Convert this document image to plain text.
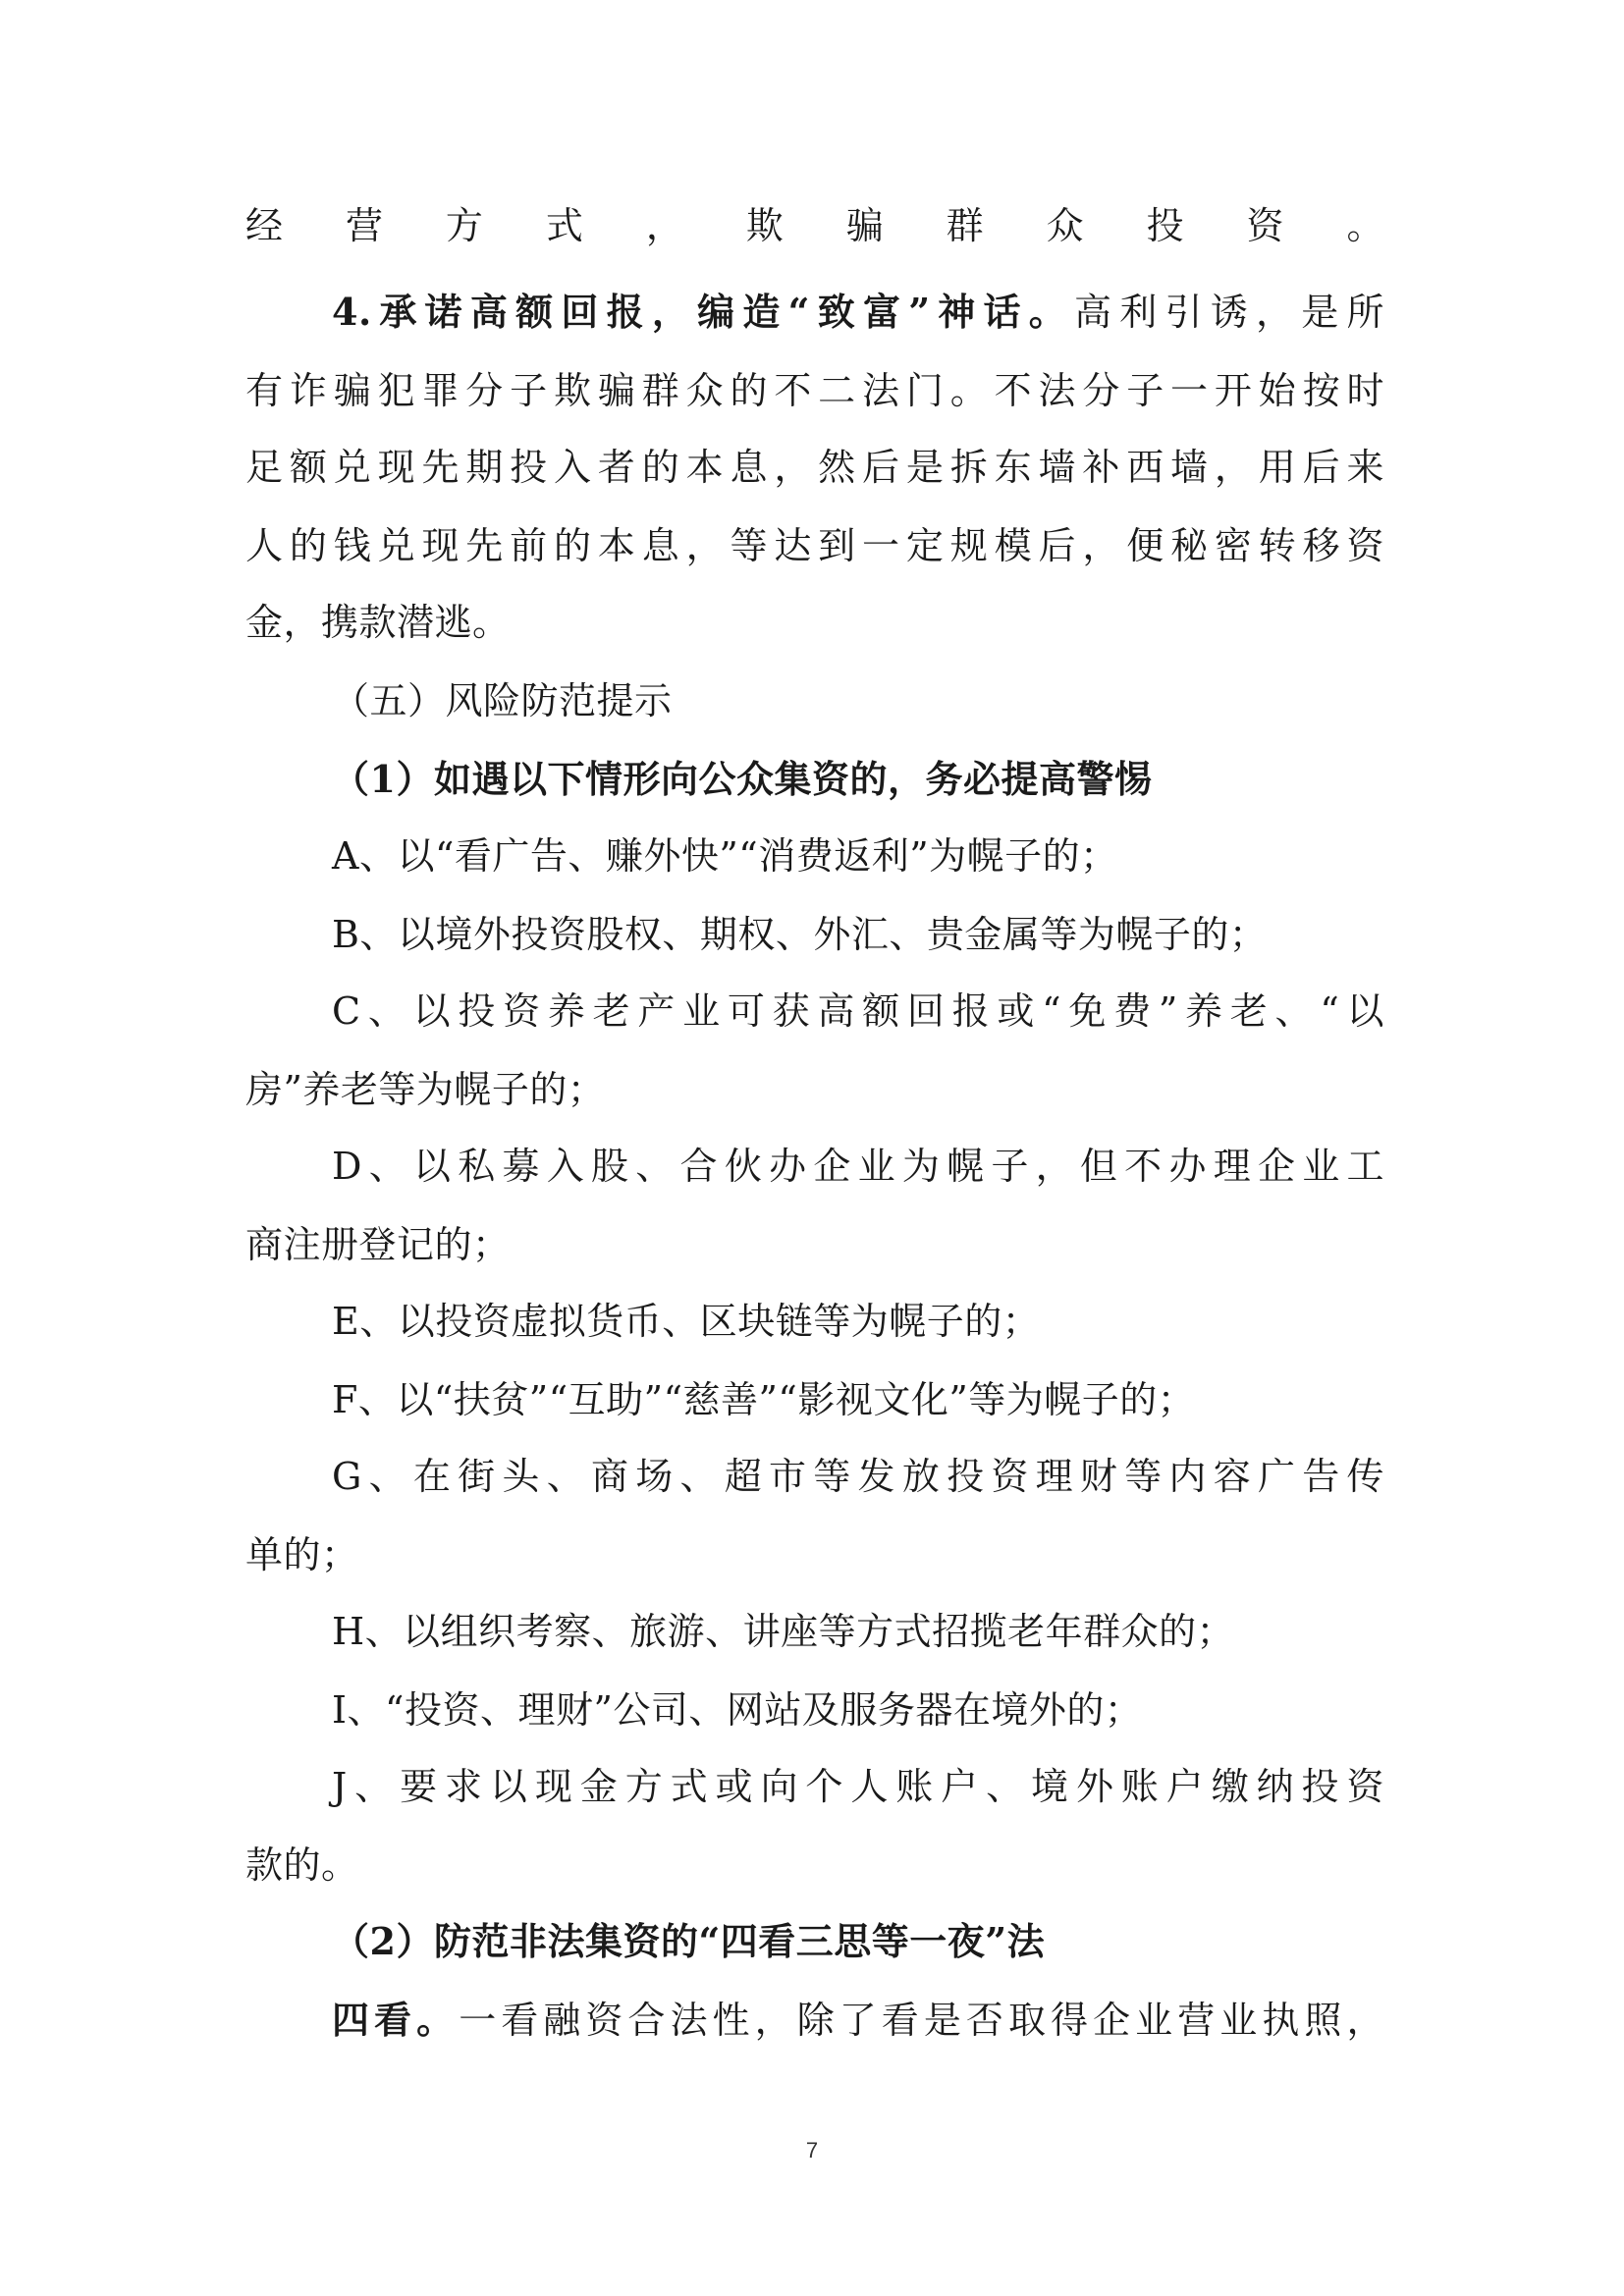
经营方式，欺骗群众投资。
4.承诺高额回报，编造“致富”神话。高利引诱，是所
有诈骗犯罪分子欺骗群众的不二法门。不法分子一开始按时
足额兑现先期投入者的本息，然后是拆东墙补西墙，用后来
人的钱兑现先前的本息，等达到一定规模后，便秘密转移资
金，携款潜逃。
（五）风险防范提示
（1）如遇以下情形向公众集资的，务必提高警惕
A、以“看广告、赚外快”“消费返利”为幌子的；
B、以境外投资股权、期权、外汇、贵金属等为幌子的；
C、以投资养老产业可获高额回报或“免费”养老、“以
房”养老等为幌子的；
D、以私募入股、合伙办企业为幌子，但不办理企业工
商注册登记的；
E、以投资虚拟货币、区块链等为幌子的；
F、以“扶贫”“互助”“慈善”“影视文化”等为幌子的；
G、在街头、商场、超市等发放投资理财等内容广告传
单的；
H、以组织考察、旅游、讲座等方式招揽老年群众的；
I、“投资、理财”公司、网站及服务器在境外的；
J、要求以现金方式或向个人账户、境外账户缴纳投资
款的。
（2）防范非法集资的“四看三思等一夜”法
四看。一看融资合法性，除了看是否取得企业营业执照，
7
